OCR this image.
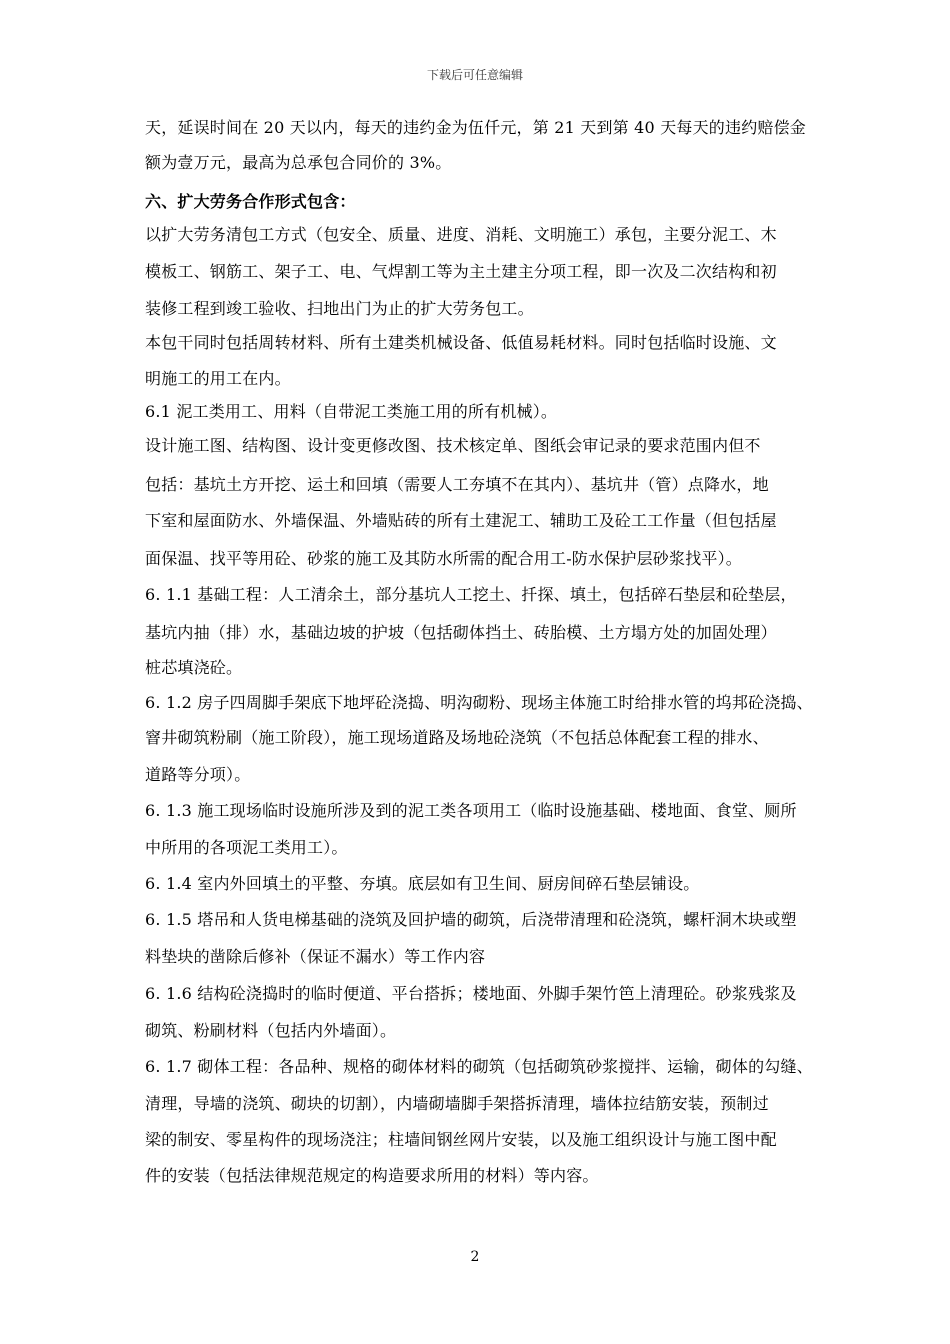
下载后可任意编辑
天，延误时间在 20 天以内，每天的违约金为伍仟元，第 21 天到第 40 天每天的违约赔偿金
额为壹万元，最高为总承包合同价的 3%。
六、扩大劳务合作形式包含：
以扩大劳务清包工方式（包安全、质量、进度、消耗、文明施工）承包，主要分泥工、木
模板工、钢筋工、架子工、电、气焊割工等为主土建主分项工程，即一次及二次结构和初
装修工程到竣工验收、扫地出门为止的扩大劳务包工。
本包干同时包括周转材料、所有土建类机械设备、低值易耗材料。同时包括临时设施、文
明施工的用工在内。
6.1 泥工类用工、用料（自带泥工类施工用的所有机械）。
设计施工图、结构图、设计变更修改图、技术核定单、图纸会审记录的要求范围内但不
包括：基坑土方开挖、运土和回填（需要人工夯填不在其内）、基坑井（管）点降水，地
下室和屋面防水、外墙保温、外墙贴砖的所有土建泥工、辅助工及砼工工作量（但包括屋
面保温、找平等用砼、砂浆的施工及其防水所需的配合用工-防水保护层砂浆找平）。
6. 1.1 基础工程：人工清余土，部分基坑人工挖土、扦探、填土，包括碎石垫层和砼垫层，
基坑内抽（排）水，基础边坡的护坡（包括砌体挡土、砖胎模、土方塌方处的加固处理）
桩芯填浇砼。
6. 1.2 房子四周脚手架底下地坪砼浇捣、明沟砌粉、现场主体施工时给排水管的坞邦砼浇捣、
窨井砌筑粉刷（施工阶段），施工现场道路及场地砼浇筑（不包括总体配套工程的排水、
道路等分项）。
6. 1.3 施工现场临时设施所涉及到的泥工类各项用工（临时设施基础、楼地面、食堂、厕所
中所用的各项泥工类用工）。
6. 1.4 室内外回填土的平整、夯填。底层如有卫生间、厨房间碎石垫层铺设。
6. 1.5 塔吊和人货电梯基础的浇筑及回护墙的砌筑，后浇带清理和砼浇筑，螺杆洞木块或塑
料垫块的凿除后修补（保证不漏水）等工作内容
6. 1.6 结构砼浇捣时的临时便道、平台搭拆；楼地面、外脚手架竹笆上清理砼。砂浆残浆及
砌筑、粉刷材料（包括内外墙面）。
6. 1.7 砌体工程：各品种、规格的砌体材料的砌筑（包括砌筑砂浆搅拌、运输，砌体的勾缝、
清理，导墙的浇筑、砌块的切割），内墙砌墙脚手架搭拆清理，墙体拉结筋安装，预制过
梁的制安、零星构件的现场浇注；柱墙间钢丝网片安装，以及施工组织设计与施工图中配
件的安装（包括法律规范规定的构造要求所用的材料）等内容。
2
